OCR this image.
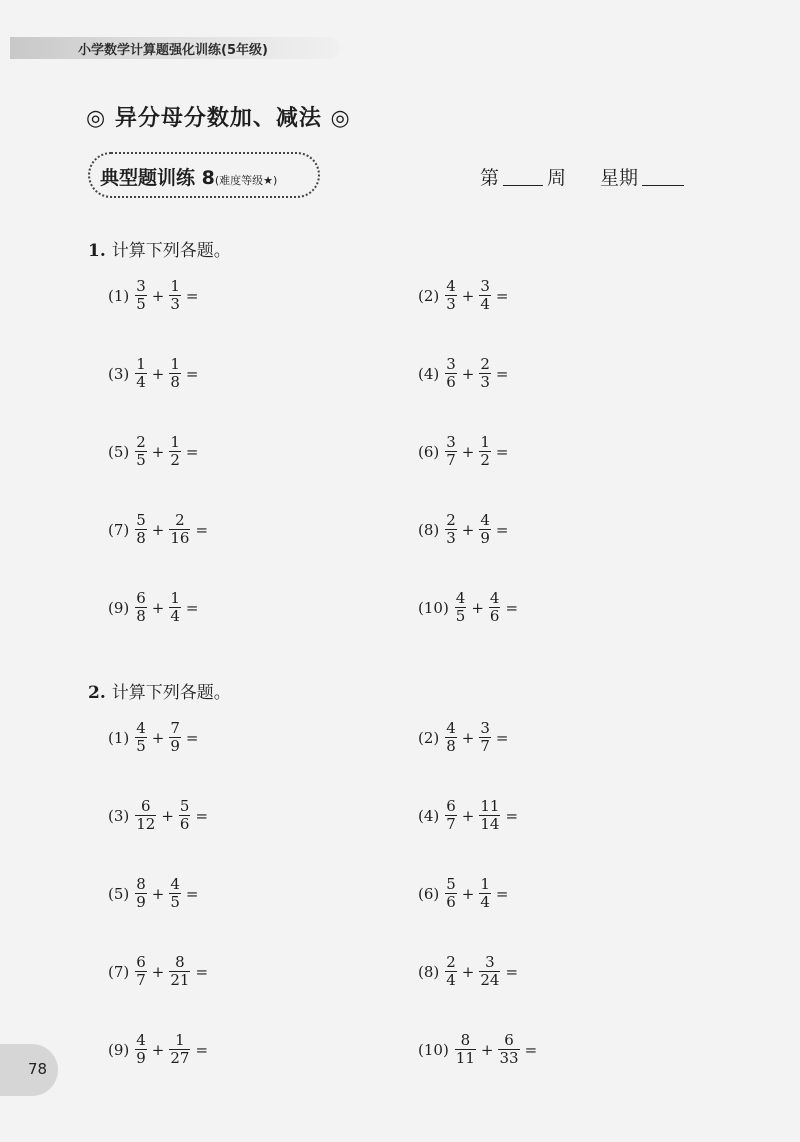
小学数学计算题强化训练(5年级)
◎ 异分母分数加、减法 ◎
典型题训练 8(难度等级★)	第	周 星期
1. 计算下列各题。
$(1) \frac{3}{5} + \frac{1}{3}$ =	$(2) \frac{4}{3} + \frac{3}{4}$ =
$(3) \frac{1}{4} + \frac{1}{8}$ =	$(4) \frac{3}{6} + \frac{2}{3}$ =
$(5) \frac{2}{5} + \frac{1}{2}$ =	$(6) \frac{3}{7} + \frac{1}{2}$ =
$(7) \frac{5}{8} + \frac{2}{16}$ =	$(8) \frac{2}{3} + \frac{4}{9}$ =
$(9) \frac{6}{8} + \frac{1}{4}$ =	$(10) \frac{4}{5} + \frac{4}{6}$ =
2. 计算下列各题。
$(1) \frac{4}{5} + \frac{7}{9}$ =	$(2) \frac{4}{8} + \frac{3}{7}$ =
$(3) \frac{6}{12} + \frac{5}{6}$ =	$(4) \frac{6}{7} + \frac{11}{14}$ =
$(5) \frac{8}{9} + \frac{4}{5}$ =	$(6) \frac{5}{6} + \frac{1}{4}$ =
$(7) \frac{6}{7} + \frac{8}{21}$ =	$(8) \frac{2}{4} + \frac{3}{24}$ =
$(9) \frac{4}{9} + \frac{1}{27}$ =	$(10) \frac{8}{11} + \frac{6}{33}$ =
78
